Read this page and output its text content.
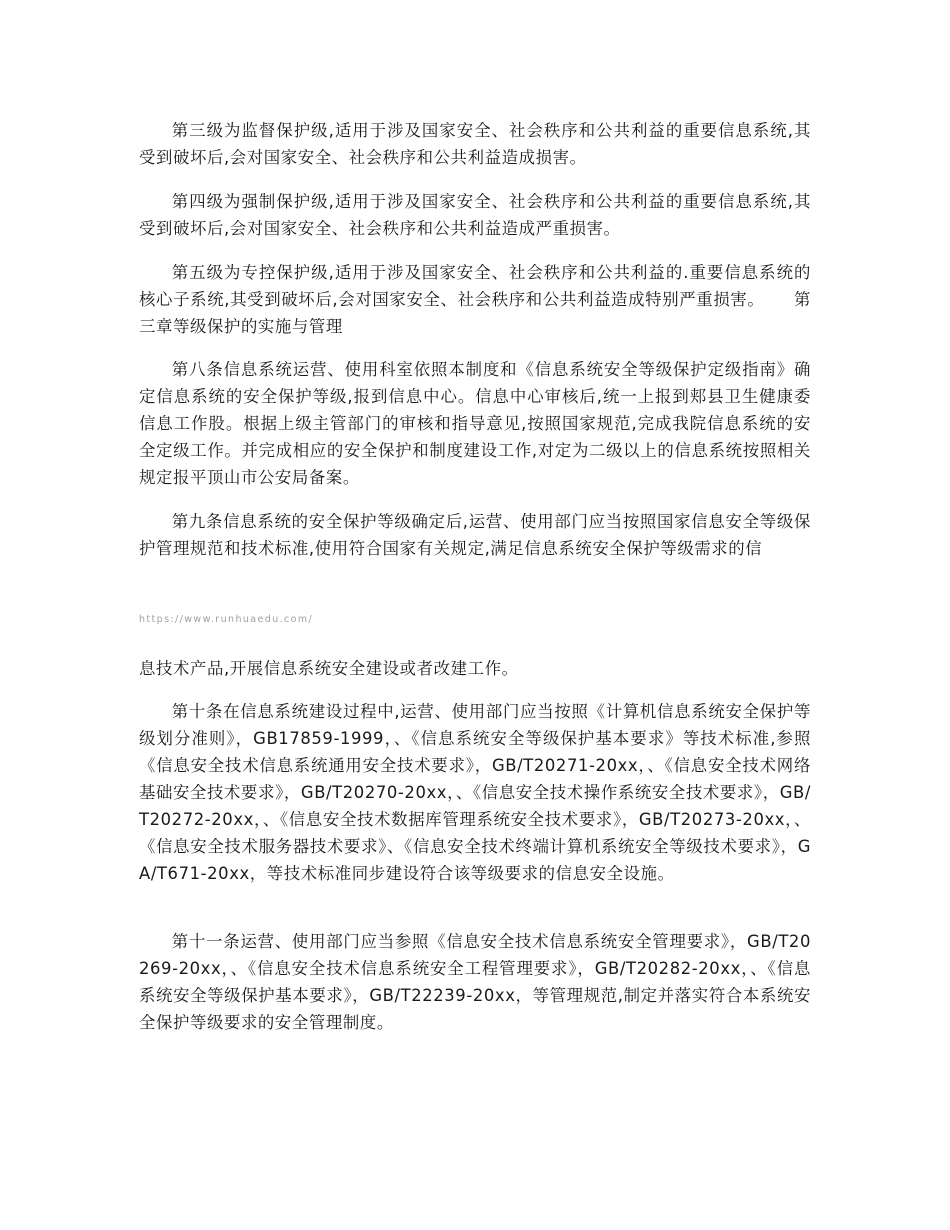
第三级为监督保护级,适用于涉及国家安全、社会秩序和公共利益的重要信息系统,其受到破坏后,会对国家安全、社会秩序和公共利益造成损害。

第四级为强制保护级,适用于涉及国家安全、社会秩序和公共利益的重要信息系统,其受到破坏后,会对国家安全、社会秩序和公共利益造成严重损害。

第五级为专控保护级,适用于涉及国家安全、社会秩序和公共利益的.重要信息系统的核心子系统,其受到破坏后,会对国家安全、社会秩序和公共利益造成特别严重损害。 第三章等级保护的实施与管理

第八条信息系统运营、使用科室依照本制度和《信息系统安全等级保护定级指南》确定信息系统的安全保护等级,报到信息中心。信息中心审核后,统一上报到郏县卫生健康委信息工作股。根据上级主管部门的审核和指导意见,按照国家规范,完成我院信息系统的安全定级工作。并完成相应的安全保护和制度建设工作,对定为二级以上的信息系统按照相关规定报平顶山市公安局备案。

第九条信息系统的安全保护等级确定后,运营、使用部门应当按照国家信息安全等级保护管理规范和技术标准,使用符合国家有关规定,满足信息系统安全保护等级需求的信

https://www.runhuaedu.com/

息技术产品,开展信息系统安全建设或者改建工作。

第十条在信息系统建设过程中,运营、使用部门应当按照《计算机信息系统安全保护等级划分准则》，GB17859-1999，、《信息系统安全等级保护基本要求》等技术标准,参照《信息安全技术信息系统通用安全技术要求》，GB/T20271-20xx，、《信息安全技术网络基础安全技术要求》，GB/T20270-20xx，、《信息安全技术操作系统安全技术要求》，GB/T20272-20xx，、《信息安全技术数据库管理系统安全技术要求》，GB/T20273-20xx，、《信息安全技术服务器技术要求》、《信息安全技术终端计算机系统安全等级技术要求》，GA/T671-20xx，等技术标准同步建设符合该等级要求的信息安全设施。

第十一条运营、使用部门应当参照《信息安全技术信息系统安全管理要求》，GB/T20269-20xx，、《信息安全技术信息系统安全工程管理要求》，GB/T20282-20xx，、《信息系统安全等级保护基本要求》，GB/T22239-20xx，等管理规范,制定并落实符合本系统安全保护等级要求的安全管理制度。
